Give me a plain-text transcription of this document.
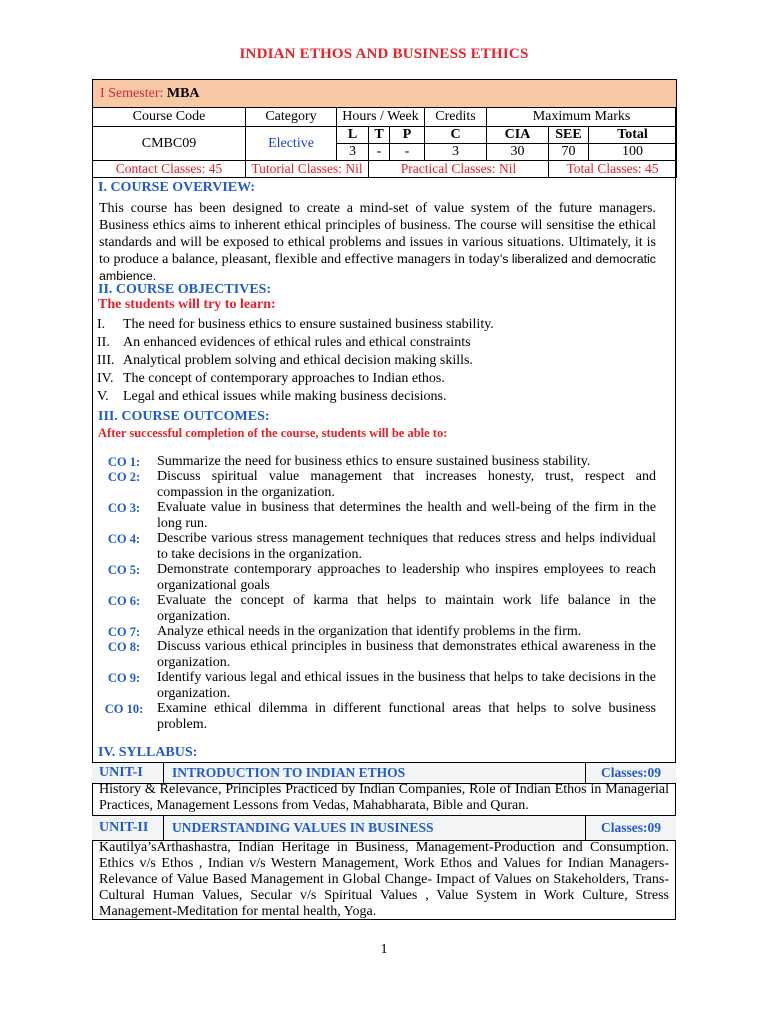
INDIAN ETHOS AND BUSINESS ETHICS
I Semester: MBA								
Course Code	Category	Hours / Week			Credits	Maximum Marks		
CMBC09	Elective	L	T	P	C	CIA	SEE	Total
		3	-	-	3	30	70	100
Contact Classes: 45	Tutorial Classes: Nil		Practical Classes: Nil				Total Classes: 45	
I. COURSE OVERVIEW:
This course has been designed to create a mind-set of value system of the future managers. Business ethics aims to inherent ethical principles of business. The course will sensitise the ethical standards and will be exposed to ethical problems and issues in various situations. Ultimately, it is to produce a balance, pleasant, flexible and effective managers in today’s liberalized and democratic ambience.
II. COURSE OBJECTIVES:
The students will try to learn:
I. The need for business ethics to ensure sustained business stability.
II. An enhanced evidences of ethical rules and ethical constraints
III. Analytical problem solving and ethical decision making skills.
IV. The concept of contemporary approaches to Indian ethos.
V. Legal and ethical issues while making business decisions.
III. COURSE OUTCOMES:
After successful completion of the course, students will be able to:
CO 1:	Summarize the need for business ethics to ensure sustained business stability.
CO 2:	Discuss spiritual value management that increases honesty, trust, respect and compassion in the organization.
CO 3:	Evaluate value in business that determines the health and well-being of the firm in the long run.
CO 4:	Describe various stress management techniques that reduces stress and helps individual to take decisions in the organization.
CO 5:	Demonstrate contemporary approaches to leadership who inspires employees to reach organizational goals
CO 6:	Evaluate the concept of karma that helps to maintain work life balance in the organization.
CO 7:	Analyze ethical needs in the organization that identify problems in the firm.
CO 8:	Discuss various ethical principles in business that demonstrates ethical awareness in the organization.
CO 9:	Identify various legal and ethical issues in the business that helps to take decisions in the organization.
CO 10: Examine ethical dilemma in different functional areas that helps to solve business problem.
IV. SYLLABUS:
UNIT-I	INTRODUCTION TO INDIAN ETHOS	Classes:09
History & Relevance, Principles Practiced by Indian Companies, Role of Indian Ethos in Managerial Practices, Management Lessons from Vedas, Mahabharata, Bible and Quran.
UNIT-II	UNDERSTANDING VALUES IN BUSINESS	Classes:09
Kautilya’sArthashastra, Indian Heritage in Business, Management-Production and Consumption. Ethics v/s Ethos , Indian v/s Western Management, Work Ethos and Values for Indian Managers- Relevance of Value Based Management in Global Change- Impact of Values on Stakeholders, Trans-Cultural Human Values, Secular v/s Spiritual Values , Value System in Work Culture, Stress Management-Meditation for mental health, Yoga.
1
